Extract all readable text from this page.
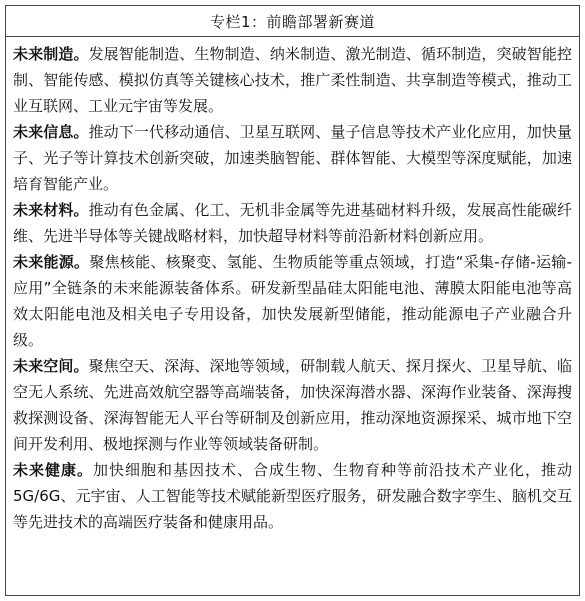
专栏1：前瞻部署新赛道

未来制造。发展智能制造、生物制造、纳米制造、激光制造、循环制造，突破智能控制、智能传感、模拟仿真等关键核心技术，推广柔性制造、共享制造等模式，推动工业互联网、工业元宇宙等发展。

未来信息。推动下一代移动通信、卫星互联网、量子信息等技术产业化应用，加快量子、光子等计算技术创新突破，加速类脑智能、群体智能、大模型等深度赋能，加速培育智能产业。

未来材料。推动有色金属、化工、无机非金属等先进基础材料升级，发展高性能碳纤维、先进半导体等关键战略材料，加快超导材料等前沿新材料创新应用。

未来能源。聚焦核能、核聚变、氢能、生物质能等重点领域，打造“采集-存储-运输-应用”全链条的未来能源装备体系。研发新型晶硅太阳能电池、薄膜太阳能电池等高效太阳能电池及相关电子专用设备，加快发展新型储能，推动能源电子产业融合升级。

未来空间。聚焦空天、深海、深地等领域，研制载人航天、探月探火、卫星导航、临空无人系统、先进高效航空器等高端装备，加快深海潜水器、深海作业装备、深海搜救探测设备、深海智能无人平台等研制及创新应用，推动深地资源探采、城市地下空间开发利用、极地探测与作业等领域装备研制。

未来健康。加快细胞和基因技术、合成生物、生物育种等前沿技术产业化，推动5G/6G、元宇宙、人工智能等技术赋能新型医疗服务，研发融合数字孪生、脑机交互等先进技术的高端医疗装备和健康用品。
